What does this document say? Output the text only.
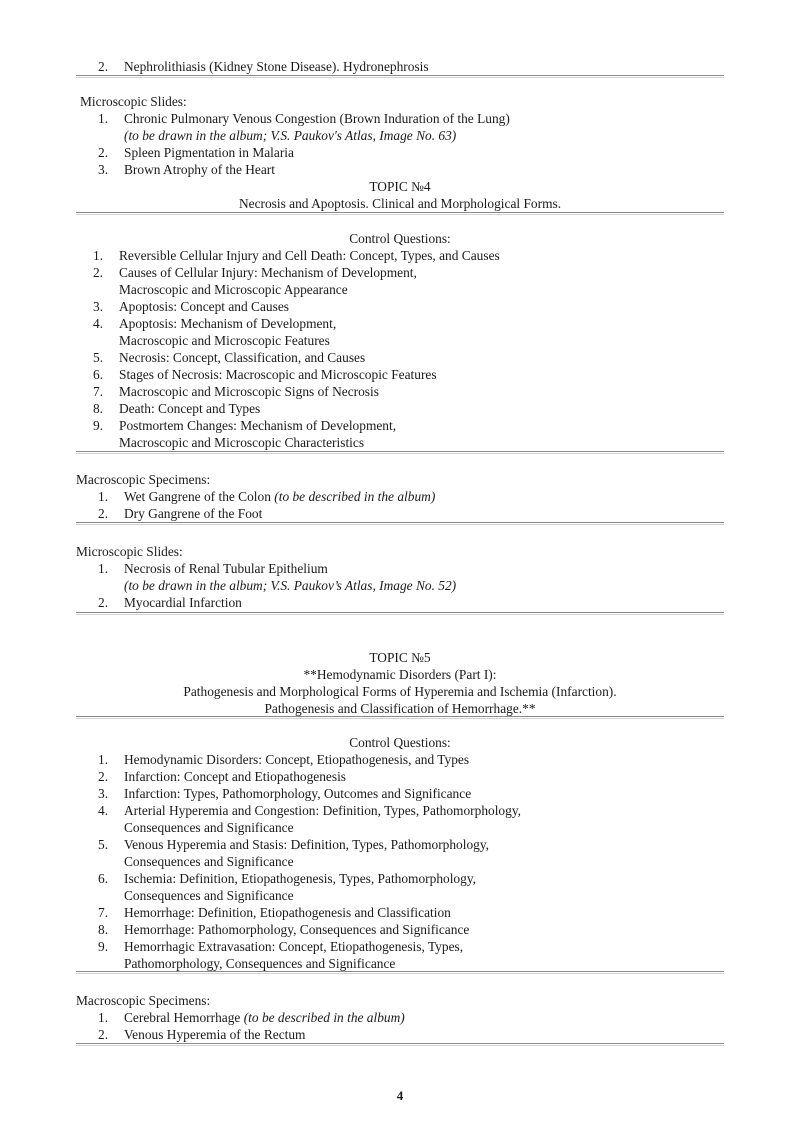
2. Nephrolithiasis (Kidney Stone Disease). Hydronephrosis

Microscopic Slides:

1. Chronic Pulmonary Venous Congestion (Brown Induration of the Lung)
(to be drawn in the album; V.S. Paukov's Atlas, Image No. 63)
2. Spleen Pigmentation in Malaria
3. Brown Atrophy of the Heart
TOPIC №4
Necrosis and Apoptosis. Clinical and Morphological Forms.
Control Questions:
1. Reversible Cellular Injury and Cell Death: Concept, Types, and Causes
2. Causes of Cellular Injury: Mechanism of Development,
Macroscopic and Microscopic Appearance
3. Apoptosis: Concept and Causes
4. Apoptosis: Mechanism of Development,
Macroscopic and Microscopic Features
5. Necrosis: Concept, Classification, and Causes
6. Stages of Necrosis: Macroscopic and Microscopic Features
7. Macroscopic and Microscopic Signs of Necrosis
8. Death: Concept and Types
9. Postmortem Changes: Mechanism of Development,
Macroscopic and Microscopic Characteristics

Macroscopic Specimens:

1. Wet Gangrene of the Colon (to be described in the album)
2. Dry Gangrene of the Foot

Microscopic Slides:

1. Necrosis of Renal Tubular Epithelium
(to be drawn in the album; V.S. Paukov’s Atlas, Image No. 52)
2. Myocardial Infarction
TOPIC №5
**Hemodynamic Disorders (Part I):
Pathogenesis and Morphological Forms of Hyperemia and Ischemia (Infarction).
Pathogenesis and Classification of Hemorrhage.**
Control Questions:
1. Hemodynamic Disorders: Concept, Etiopathogenesis, and Types
2. Infarction: Concept and Etiopathogenesis
3. Infarction: Types, Pathomorphology, Outcomes and Significance
4. Arterial Hyperemia and Congestion: Definition, Types, Pathomorphology,
Consequences and Significance
5. Venous Hyperemia and Stasis: Definition, Types, Pathomorphology,
Consequences and Significance
6. Ischemia: Definition, Etiopathogenesis, Types, Pathomorphology,
Consequences and Significance
7. Hemorrhage: Definition, Etiopathogenesis and Classification
8. Hemorrhage: Pathomorphology, Consequences and Significance
9. Hemorrhagic Extravasation: Concept, Etiopathogenesis, Types,
Pathomorphology, Consequences and Significance

Macroscopic Specimens:

1. Cerebral Hemorrhage (to be described in the album)
2. Venous Hyperemia of the Rectum
4
